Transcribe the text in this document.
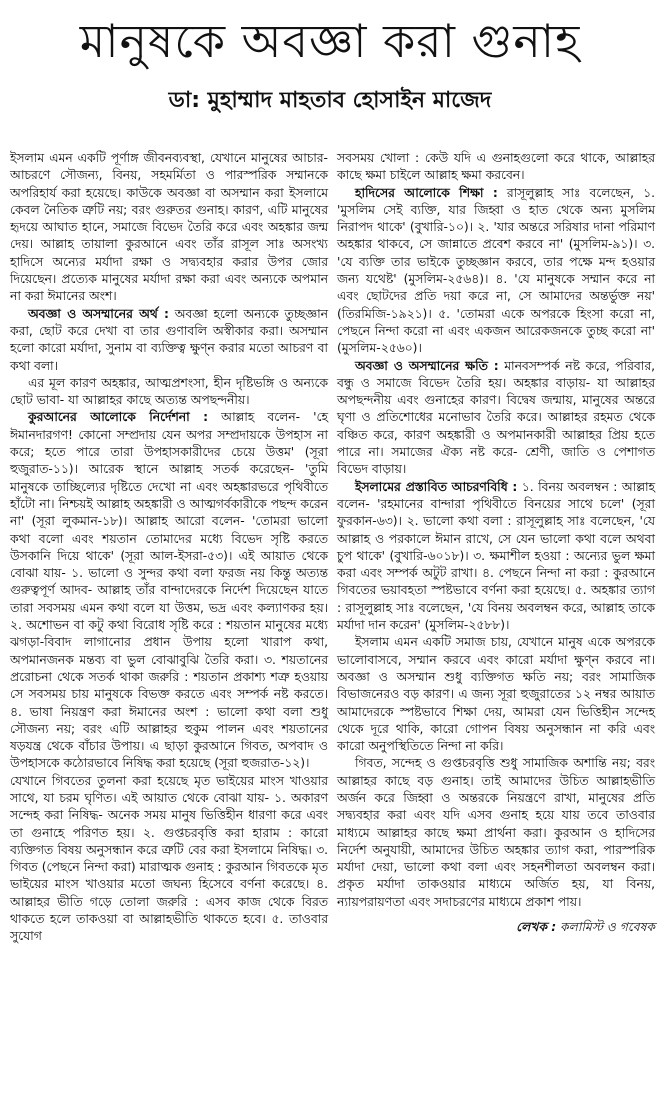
মানুষকে অবজ্ঞা করা গুনাহ
ডা: মুহাম্মাদ মাহতাব হোসাইন মাজেদ

ইসলাম এমন একটি পূর্ণাঙ্গ জীবনব্যবস্থা, যেখানে মানুষের আচার-আচরণে সৌজন্য, বিনয়, সহমর্মিতা ও পারস্পরিক সম্মানকে অপরিহার্য করা হয়েছে। কাউকে অবজ্ঞা বা অসম্মান করা ইসলামে কেবল নৈতিক ত্রুটি নয়; বরং গুরুতর গুনাহ। কারণ, এটি মানুষের হৃদয়ে আঘাত হানে, সমাজে বিভেদ তৈরি করে এবং অহঙ্কার জন্ম দেয়। আল্লাহ তায়ালা কুরআনে এবং তাঁর রাসূল সাঃ অসংখ্য হাদিসে অন্যের মর্যাদা রক্ষা ও সদ্ব্যবহার করার উপর জোর দিয়েছেন। প্রত্যেক মানুষের মর্যাদা রক্ষা করা এবং অন্যকে অপমান না করা ঈমানের অংশ।

অবজ্ঞা ও অসম্মানের অর্থ : অবজ্ঞা হলো অন্যকে তুচ্ছজ্ঞান করা, ছোট করে দেখা বা তার গুণাবলি অস্বীকার করা। অসম্মান হলো কারো মর্যাদা, সুনাম বা ব্যক্তিত্ব ক্ষুণ্ন করার মতো আচরণ বা কথা বলা।

এর মূল কারণ অহঙ্কার, আত্মপ্রশংসা, হীন দৃষ্টিভঙ্গি ও অন্যকে ছোট ভাবা- যা আল্লাহর কাছে অত্যন্ত অপছন্দনীয়।

কুরআনের আলোকে নির্দেশনা : আল্লাহ বলেন- 'হে ঈমানদারগণ! কোনো সম্প্রদায় যেন অপর সম্প্রদায়কে উপহাস না করে; হতে পারে তারা উপহাসকারীদের চেয়ে উত্তম' (সূরা হুজুরাত-১১)। আরেক স্থানে আল্লাহ সতর্ক করেছেন- 'তুমি মানুষকে তাচ্ছিল্যের দৃষ্টিতে দেখো না এবং অহঙ্কারভরে পৃথিবীতে হাঁটো না। নিশ্চয়ই আল্লাহ অহঙ্কারী ও আত্মগর্বকারীকে পছন্দ করেন না' (সূরা লুকমান-১৮)। আল্লাহ আরো বলেন- 'তোমরা ভালো কথা বলো এবং শয়তান তোমাদের মধ্যে বিভেদ সৃষ্টি করতে উসকানি দিয়ে থাকে' (সূরা আল-ইসরা-৫৩)। এই আয়াত থেকে বোঝা যায়- ১. ভালো ও সুন্দর কথা বলা ফরজ নয় কিন্তু অত্যন্ত গুরুত্বপূর্ণ আদব- আল্লাহ তাঁর বান্দাদেরকে নির্দেশ দিয়েছেন যাতে তারা সবসময় এমন কথা বলে যা উত্তম, ভদ্র এবং কল্যাণকর হয়। ২. অশোভন বা কটু কথা বিরোধ সৃষ্টি করে : শয়তান মানুষের মধ্যে ঝগড়া-বিবাদ লাগানোর প্রধান উপায় হলো খারাপ কথা, অপমানজনক মন্তব্য বা ভুল বোঝাবুঝি তৈরি করা। ৩. শয়তানের প্ররোচনা থেকে সতর্ক থাকা জরুরি : শয়তান প্রকাশ্য শত্রু হওয়ায় সে সবসময় চায় মানুষকে বিভক্ত করতে এবং সম্পর্ক নষ্ট করতে। ৪. ভাষা নিয়ন্ত্রণ করা ঈমানের অংশ : ভালো কথা বলা শুধু সৌজন্য নয়; বরং এটি আল্লাহর হুকুম পালন এবং শয়তানের ষড়যন্ত্র থেকে বাঁচার উপায়। এ ছাড়া কুরআনে গিবত, অপবাদ ও উপহাসকে কঠোরভাবে নিষিদ্ধ করা হয়েছে (সূরা হুজরাত-১২)।

যেখানে গিবতের তুলনা করা হয়েছে মৃত ভাইয়ের মাংস খাওয়ার সাথে, যা চরম ঘৃণিত। এই আয়াত থেকে বোঝা যায়- ১. অকারণ সন্দেহ করা নিষিদ্ধ- অনেক সময় মানুষ ভিত্তিহীন ধারণা করে এবং তা গুনাহে পরিণত হয়। ২. গুপ্তচরবৃত্তি করা হারাম : কারো ব্যক্তিগত বিষয় অনুসন্ধান করে ত্রুটি বের করা ইসলামে নিষিদ্ধ। ৩. গিবত (পেছনে নিন্দা করা) মারাত্মক গুনাহ : কুরআন গিবতকে মৃত ভাইয়ের মাংস খাওয়ার মতো জঘন্য হিসেবে বর্ণনা করেছে। ৪. আল্লাহর ভীতি গড়ে তোলা জরুরি : এসব কাজ থেকে বিরত থাকতে হলে তাকওয়া বা আল্লাহভীতি থাকতে হবে। ৫. তাওবার সুযোগ

সবসময় খোলা : কেউ যদি এ গুনাহগুলো করে থাকে, আল্লাহর কাছে ক্ষমা চাইলে আল্লাহ ক্ষমা করবেন।

হাদিসের আলোকে শিক্ষা : রাসূলুল্লাহ সাঃ বলেছেন, ১. 'মুসলিম সেই ব্যক্তি, যার জিহ্বা ও হাত থেকে অন্য মুসলিম নিরাপদ থাকে' (বুখারি-১০)। ২. 'যার অন্তরে সরিষার দানা পরিমাণ অহঙ্কার থাকবে, সে জান্নাতে প্রবেশ করবে না' (মুসলিম-৯১)। ৩. 'যে ব্যক্তি তার ভাইকে তুচ্ছজ্ঞান করবে, তার পক্ষে মন্দ হওয়ার জন্য যথেষ্ট' (মুসলিম-২৫৬৪)। ৪. 'যে মানুষকে সম্মান করে না এবং ছোটদের প্রতি দয়া করে না, সে আমাদের অন্তর্ভুক্ত নয়' (তিরমিজি-১৯২১)। ৫. 'তোমরা একে অপরকে হিংসা করো না, পেছনে নিন্দা করো না এবং একজন আরেকজনকে তুচ্ছ করো না' (মুসলিম-২৫৬০)।

অবজ্ঞা ও অসম্মানের ক্ষতি : মানবসম্পর্ক নষ্ট করে, পরিবার, বন্ধু ও সমাজে বিভেদ তৈরি হয়। অহঙ্কার বাড়ায়- যা আল্লাহর অপছন্দনীয় এবং গুনাহের কারণ। বিদ্বেষ জন্মায়, মানুষের অন্তরে ঘৃণা ও প্রতিশোধের মনোভাব তৈরি করে। আল্লাহর রহমত থেকে বঞ্চিত করে, কারণ অহঙ্কারী ও অপমানকারী আল্লাহর প্রিয় হতে পারে না। সমাজের ঐক্য নষ্ট করে- শ্রেণী, জাতি ও পেশাগত বিভেদ বাড়ায়।

ইসলামের প্রস্তাবিত আচরণবিধি : ১. বিনয় অবলম্বন : আল্লাহ বলেন- 'রহমানের বান্দারা পৃথিবীতে বিনয়ের সাথে চলে' (সূরা ফুরকান-৬৩)। ২. ভালো কথা বলা : রাসূলুল্লাহ সাঃ বলেছেন, 'যে আল্লাহ ও পরকালে ঈমান রাখে, সে যেন ভালো কথা বলে অথবা চুপ থাকে' (বুখারি-৬০১৮)। ৩. ক্ষমাশীল হওয়া : অন্যের ভুল ক্ষমা করা এবং সম্পর্ক অটুট রাখা। ৪. পেছনে নিন্দা না করা : কুরআনে গিবতের ভয়াবহতা স্পষ্টভাবে বর্ণনা করা হয়েছে। ৫. অহঙ্কার ত্যাগ : রাসূলুল্লাহ সাঃ বলেছেন, 'যে বিনয় অবলম্বন করে, আল্লাহ তাকে মর্যাদা দান করেন' (মুসলিম-২৫৮৮)।

ইসলাম এমন একটি সমাজ চায়, যেখানে মানুষ একে অপরকে ভালোবাসবে, সম্মান করবে এবং কারো মর্যাদা ক্ষুণ্ন করবে না। অবজ্ঞা ও অসম্মান শুধু ব্যক্তিগত ক্ষতি নয়; বরং সামাজিক বিভাজনেরও বড় কারণ। এ জন্য সূরা হুজুরাতের ১২ নম্বর আয়াত আমাদেরকে স্পষ্টভাবে শিক্ষা দেয়, আমরা যেন ভিত্তিহীন সন্দেহ থেকে দূরে থাকি, কারো গোপন বিষয় অনুসন্ধান না করি এবং কারো অনুপস্থিতিতে নিন্দা না করি।

গিবত, সন্দেহ ও গুপ্তচরবৃত্তি শুধু সামাজিক অশান্তি নয়; বরং আল্লাহর কাছে বড় গুনাহ। তাই আমাদের উচিত আল্লাহভীতি অর্জন করে জিহ্বা ও অন্তরকে নিয়ন্ত্রণে রাখা, মানুষের প্রতি সদ্ব্যবহার করা এবং যদি এসব গুনাহ হয়ে যায় তবে তাওবার মাধ্যমে আল্লাহর কাছে ক্ষমা প্রার্থনা করা। কুরআন ও হাদিসের নির্দেশ অনুযায়ী, আমাদের উচিত অহঙ্কার ত্যাগ করা, পারস্পরিক মর্যাদা দেয়া, ভালো কথা বলা এবং সহনশীলতা অবলম্বন করা। প্রকৃত মর্যাদা তাকওয়ার মাধ্যমে অর্জিত হয়, যা বিনয়, ন্যায়পরায়ণতা এবং সদাচরণের মাধ্যমে প্রকাশ পায়।

লেখক : কলামিস্ট ও গবেষক
